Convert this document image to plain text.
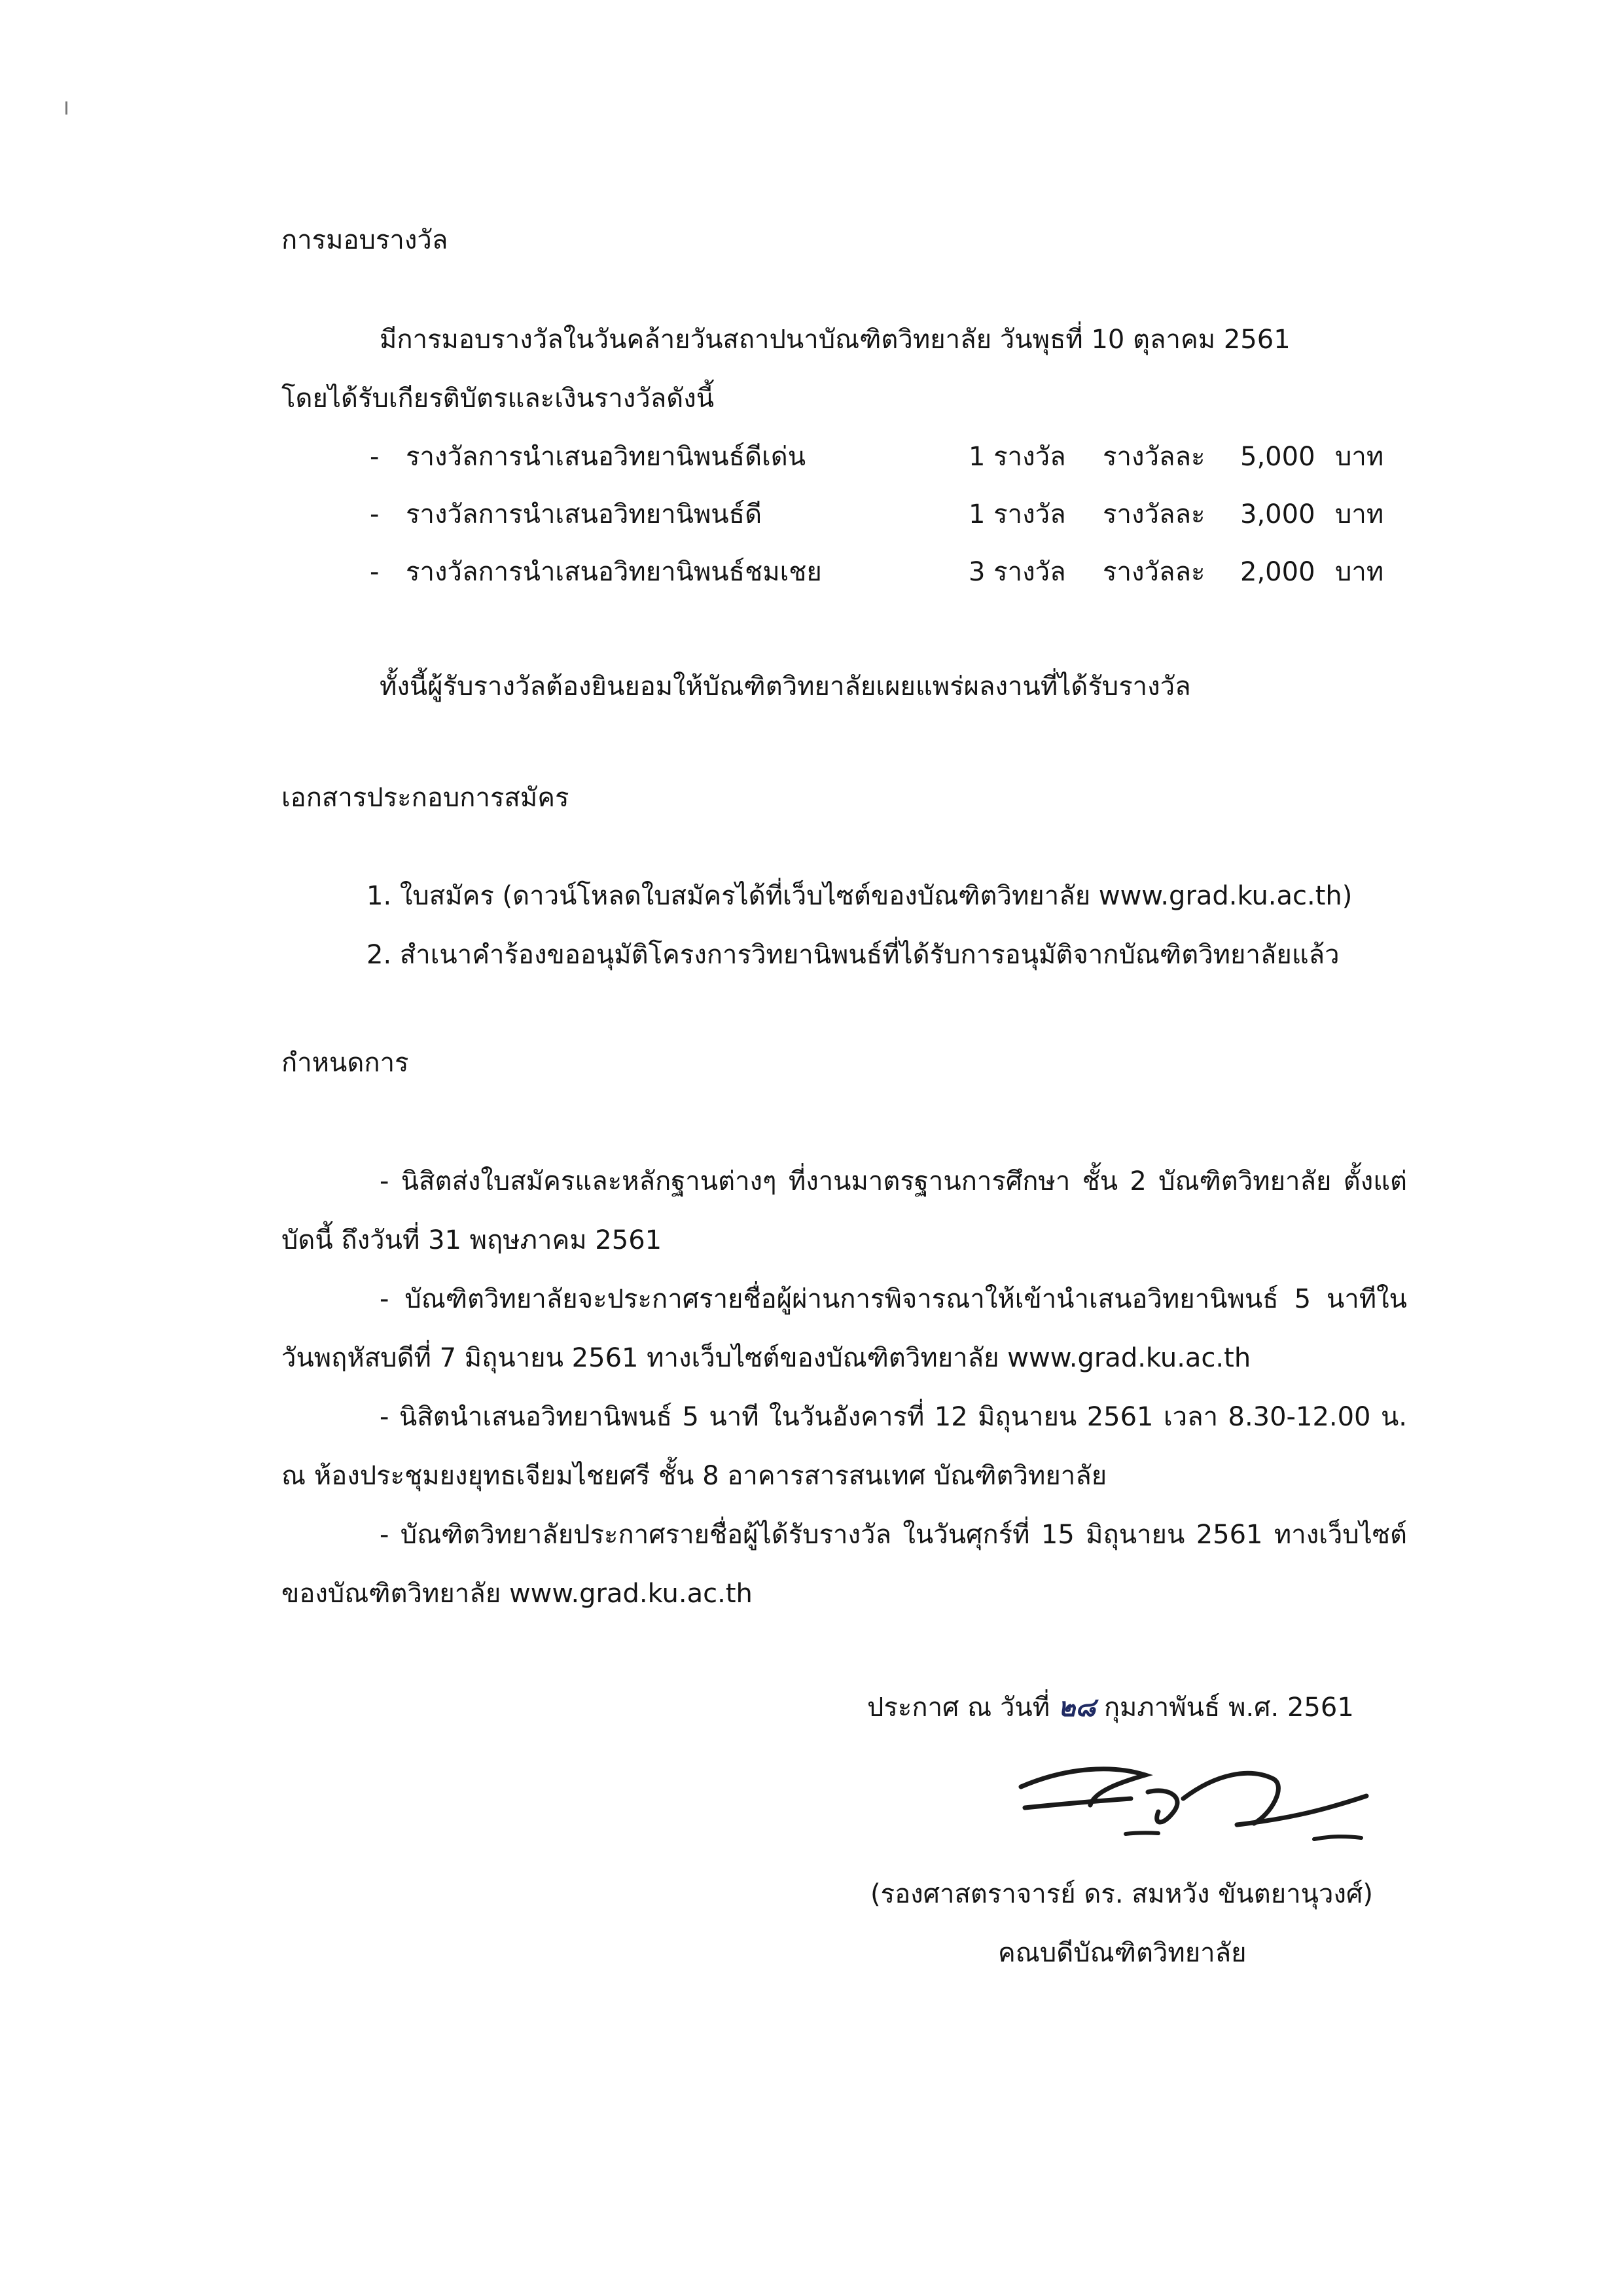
การมอบรางวัล
มีการมอบรางวัลในวันคล้ายวันสถาปนาบัณฑิตวิทยาลัย วันพุธที่ 10 ตุลาคม 2561
โดยได้รับเกียรติบัตรและเงินรางวัลดังนี้
- รางวัลการนำเสนอวิทยานิพนธ์ดีเด่น	1 รางวัล รางวัลละ 5,000 บาท
- รางวัลการนำเสนอวิทยานิพนธ์ดี	1 รางวัล รางวัลละ 3,000 บาท
- รางวัลการนำเสนอวิทยานิพนธ์ชมเชย	3 รางวัล รางวัลละ 2,000 บาท
ทั้งนี้ผู้รับรางวัลต้องยินยอมให้บัณฑิตวิทยาลัยเผยแพร่ผลงานที่ได้รับรางวัล
เอกสารประกอบการสมัคร
1. ใบสมัคร (ดาวน์โหลดใบสมัครได้ที่เว็บไซต์ของบัณฑิตวิทยาลัย www.grad.ku.ac.th)
2. สำเนาคำร้องขออนุมัติโครงการวิทยานิพนธ์ที่ได้รับการอนุมัติจากบัณฑิตวิทยาลัยแล้ว
กำหนดการ
- นิสิตส่งใบสมัครและหลักฐานต่างๆ ที่งานมาตรฐานการศึกษา ชั้น 2 บัณฑิตวิทยาลัย ตั้งแต่บัดนี้ ถึงวันที่ 31 พฤษภาคม 2561
- บัณฑิตวิทยาลัยจะประกาศรายชื่อผู้ผ่านการพิจารณาให้เข้านำเสนอวิทยานิพนธ์ 5 นาทีในวันพฤหัสบดีที่ 7 มิถุนายน 2561 ทางเว็บไซต์ของบัณฑิตวิทยาลัย www.grad.ku.ac.th
- นิสิตนำเสนอวิทยานิพนธ์ 5 นาที ในวันอังคารที่ 12 มิถุนายน 2561 เวลา 8.30-12.00 น. ณ ห้องประชุมยงยุทธเจียมไชยศรี ชั้น 8 อาคารสารสนเทศ บัณฑิตวิทยาลัย
- บัณฑิตวิทยาลัยประกาศรายชื่อผู้ได้รับรางวัล ในวันศุกร์ที่ 15 มิถุนายน 2561 ทางเว็บไซต์ของบัณฑิตวิทยาลัย www.grad.ku.ac.th
ประกาศ ณ วันที่ ๒๘ กุมภาพันธ์ พ.ศ. 2561
(รองศาสตราจารย์ ดร. สมหวัง ขันตยานุวงศ์)
คณบดีบัณฑิตวิทยาลัย
